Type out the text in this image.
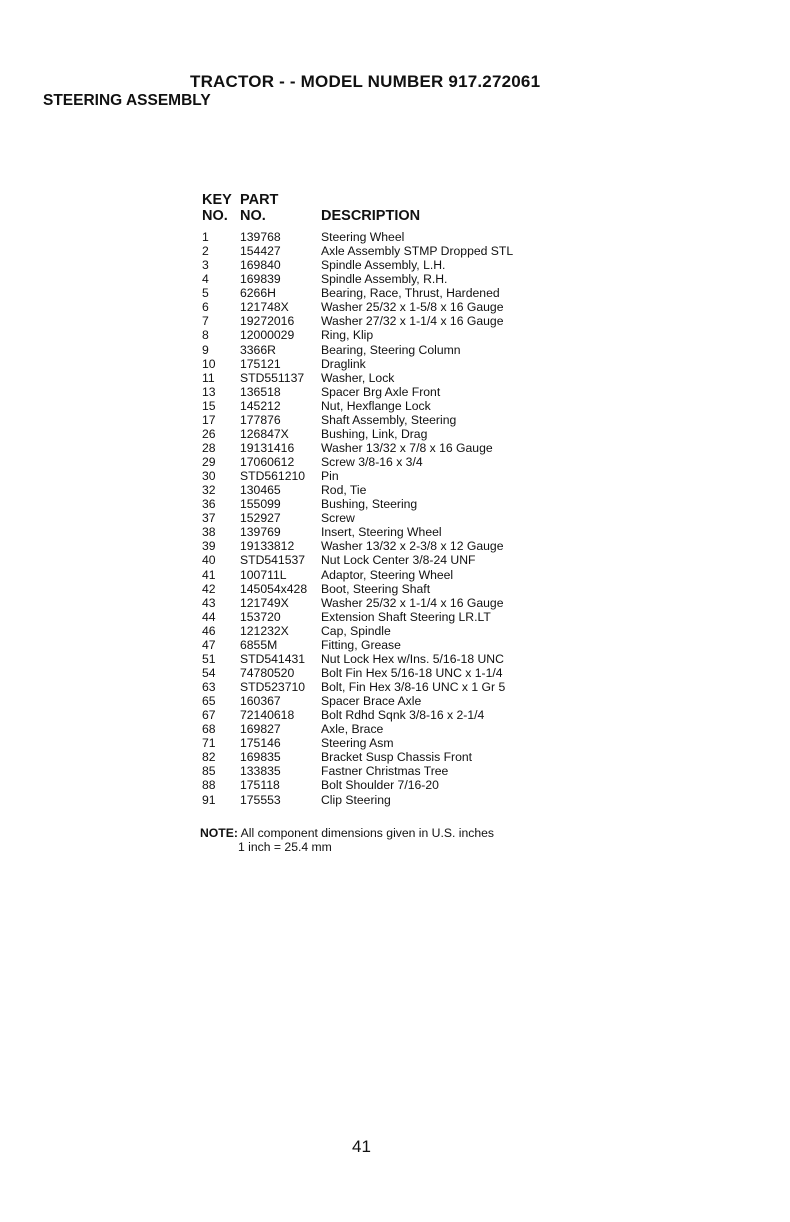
TRACTOR - - MODEL NUMBER 917.272061
STEERING ASSEMBLY
KEY
NO.
PART
NO.	DESCRIPTION
1	139768	Steering Wheel
2	154427	Axle Assembly STMP Dropped STL
3	169840	Spindle Assembly, L.H.
4	169839	Spindle Assembly, R.H.
5	6266H	Bearing, Race, Thrust, Hardened
6	121748X	Washer 25/32 x 1-5/8 x 16 Gauge
7	19272016 Washer 27/32 x 1-1/4 x 16 Gauge
8	12000029 Ring, Klip
9	3366R	Bearing, Steering Column
10 175121	Draglink
11 STD551137 Washer, Lock
13 136518	Spacer Brg Axle Front
15 145212	Nut, Hexflange Lock
17 177876	Shaft Assembly, Steering
26 126847X	Bushing, Link, Drag
28 19131416 Washer 13/32 x 7/8 x 16 Gauge
29 17060612 Screw 3/8-16 x 3/4
30 STD561210 Pin
32 130465	Rod, Tie
36 155099	Bushing, Steering
37 152927	Screw
38 139769	Insert, Steering Wheel
39 19133812 Washer 13/32 x 2-3/8 x 12 Gauge
40 STD541537 Nut Lock Center 3/8-24 UNF
41 100711L	Adaptor, Steering Wheel
42 145054x428 Boot, Steering Shaft
43 121749X	Washer 25/32 x 1-1/4 x 16 Gauge
44 153720	Extension Shaft Steering LR.LT
46 121232X	Cap, Spindle
47 6855M	Fitting, Grease
51 STD541431 Nut Lock Hex w/Ins. 5/16-18 UNC
54 74780520 Bolt Fin Hex 5/16-18 UNC x 1-1/4
63 STD523710 Bolt, Fin Hex 3/8-16 UNC x 1 Gr 5
65 160367	Spacer Brace Axle
67 72140618 Bolt Rdhd Sqnk 3/8-16 x 2-1/4
68 169827	Axle, Brace
71 175146	Steering Asm
82 169835	Bracket Susp Chassis Front
85 133835	Fastner Christmas Tree
88 175118	Bolt Shoulder 7/16-20
91 175553	Clip Steering
NOTE: All component dimensions given in U.S. inches
1 inch = 25.4 mm
41
